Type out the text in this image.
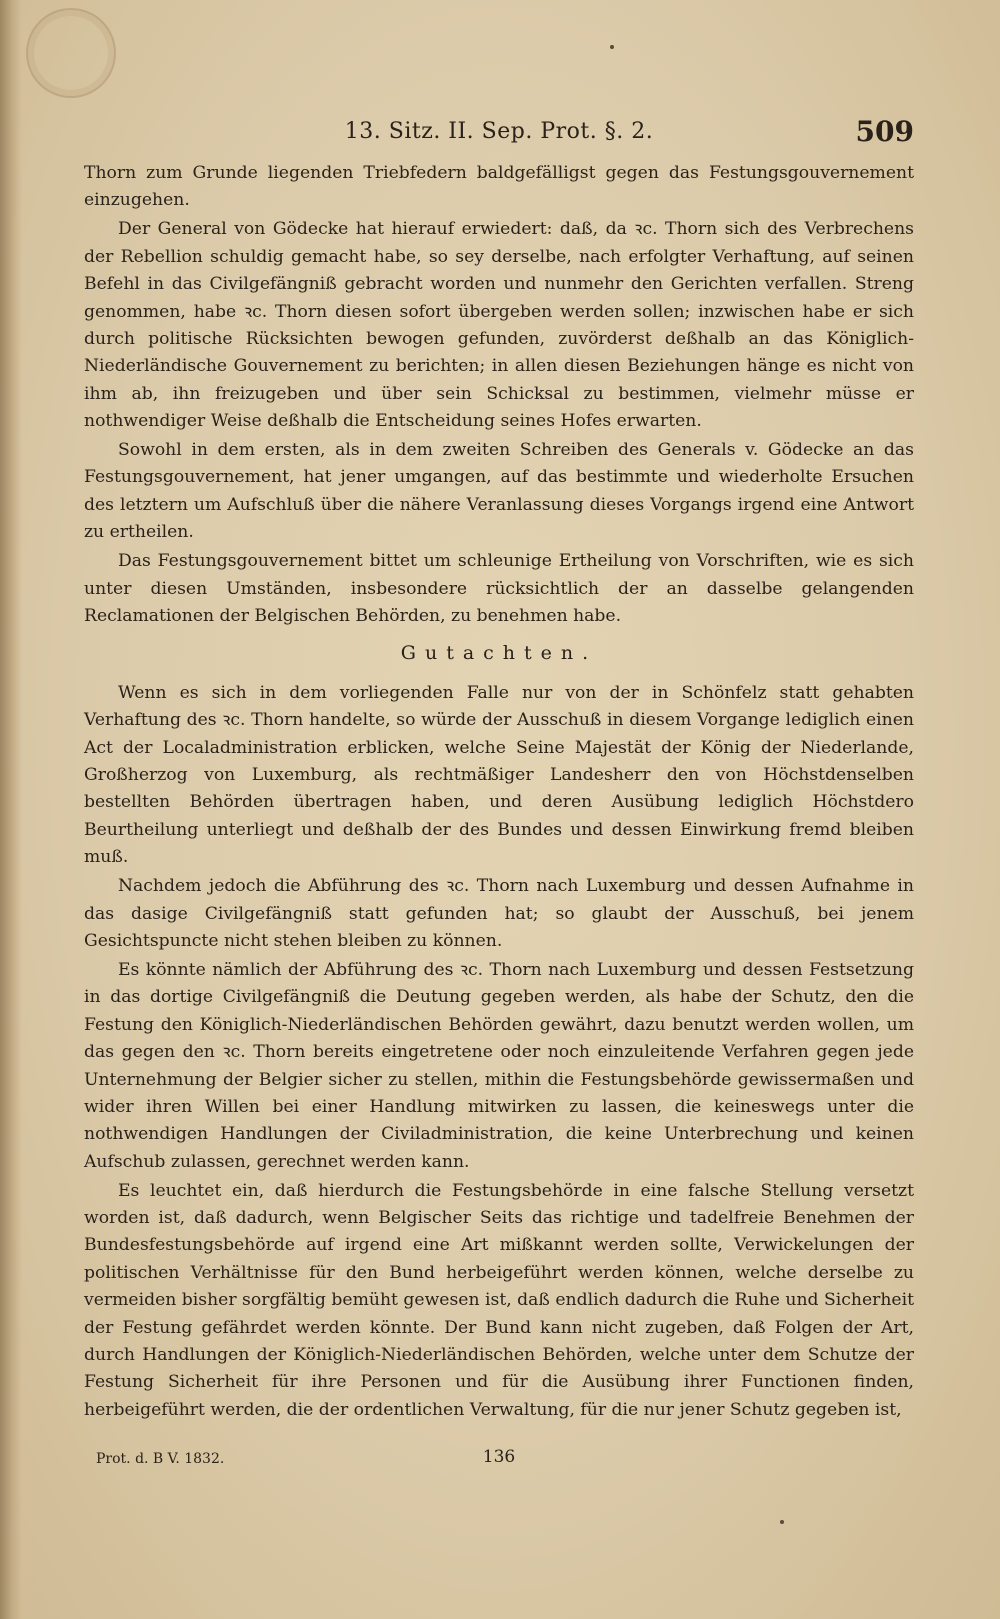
13. Sitz. II. Sep. Prot. §. 2.	509

Thorn zum Grunde liegenden Triebfedern baldgefälligst gegen das Festungsgouvernement einzugehen.

Der General von Gödecke hat hierauf erwiedert: daß, da ꝛc. Thorn sich des Verbrechens der Rebellion schuldig gemacht habe, so sey derselbe, nach erfolgter Verhaftung, auf seinen Befehl in das Civilgefängniß gebracht worden und nunmehr den Gerichten verfallen. Streng genommen, habe ꝛc. Thorn diesen sofort übergeben werden sollen; inzwischen habe er sich durch politische Rücksichten bewogen gefunden, zuvörderst deßhalb an das Königlich-Niederländische Gouvernement zu berichten; in allen diesen Beziehungen hänge es nicht von ihm ab, ihn freizugeben und über sein Schicksal zu bestimmen, vielmehr müsse er nothwendiger Weise deßhalb die Entscheidung seines Hofes erwarten.

Sowohl in dem ersten, als in dem zweiten Schreiben des Generals v. Gödecke an das Festungsgouvernement, hat jener umgangen, auf das bestimmte und wiederholte Ersuchen des letztern um Aufschluß über die nähere Veranlassung dieses Vorgangs irgend eine Antwort zu ertheilen.

Das Festungsgouvernement bittet um schleunige Ertheilung von Vorschriften, wie es sich unter diesen Umständen, insbesondere rücksichtlich der an dasselbe gelangenden Reclamationen der Belgischen Behörden, zu benehmen habe.

Gutachten.

Wenn es sich in dem vorliegenden Falle nur von der in Schönfelz statt gehabten Verhaftung des ꝛc. Thorn handelte, so würde der Ausschuß in diesem Vorgange lediglich einen Act der Localadministration erblicken, welche Seine Majestät der König der Niederlande, Großherzog von Luxemburg, als rechtmäßiger Landesherr den von Höchstdenselben bestellten Behörden übertragen haben, und deren Ausübung lediglich Höchstdero Beurtheilung unterliegt und deßhalb der des Bundes und dessen Einwirkung fremd bleiben muß.

Nachdem jedoch die Abführung des ꝛc. Thorn nach Luxemburg und dessen Aufnahme in das dasige Civilgefängniß statt gefunden hat; so glaubt der Ausschuß, bei jenem Gesichtspuncte nicht stehen bleiben zu können.

Es könnte nämlich der Abführung des ꝛc. Thorn nach Luxemburg und dessen Festsetzung in das dortige Civilgefängniß die Deutung gegeben werden, als habe der Schutz, den die Festung den Königlich-Niederländischen Behörden gewährt, dazu benutzt werden wollen, um das gegen den ꝛc. Thorn bereits eingetretene oder noch einzuleitende Verfahren gegen jede Unternehmung der Belgier sicher zu stellen, mithin die Festungsbehörde gewissermaßen und wider ihren Willen bei einer Handlung mitwirken zu lassen, die keineswegs unter die nothwendigen Handlungen der Civiladministration, die keine Unterbrechung und keinen Aufschub zulassen, gerechnet werden kann.

Es leuchtet ein, daß hierdurch die Festungsbehörde in eine falsche Stellung versetzt worden ist, daß dadurch, wenn Belgischer Seits das richtige und tadelfreie Benehmen der Bundesfestungsbehörde auf irgend eine Art mißkannt werden sollte, Verwickelungen der politischen Verhältnisse für den Bund herbeigeführt werden können, welche derselbe zu vermeiden bisher sorgfältig bemüht gewesen ist, daß endlich dadurch die Ruhe und Sicherheit der Festung gefährdet werden könnte. Der Bund kann nicht zugeben, daß Folgen der Art, durch Handlungen der Königlich-Niederländischen Behörden, welche unter dem Schutze der Festung Sicherheit für ihre Personen und für die Ausübung ihrer Functionen finden, herbeigeführt werden, die der ordentlichen Verwaltung, für die nur jener Schutz gegeben ist,

Prot. d. B V. 1832.	136
